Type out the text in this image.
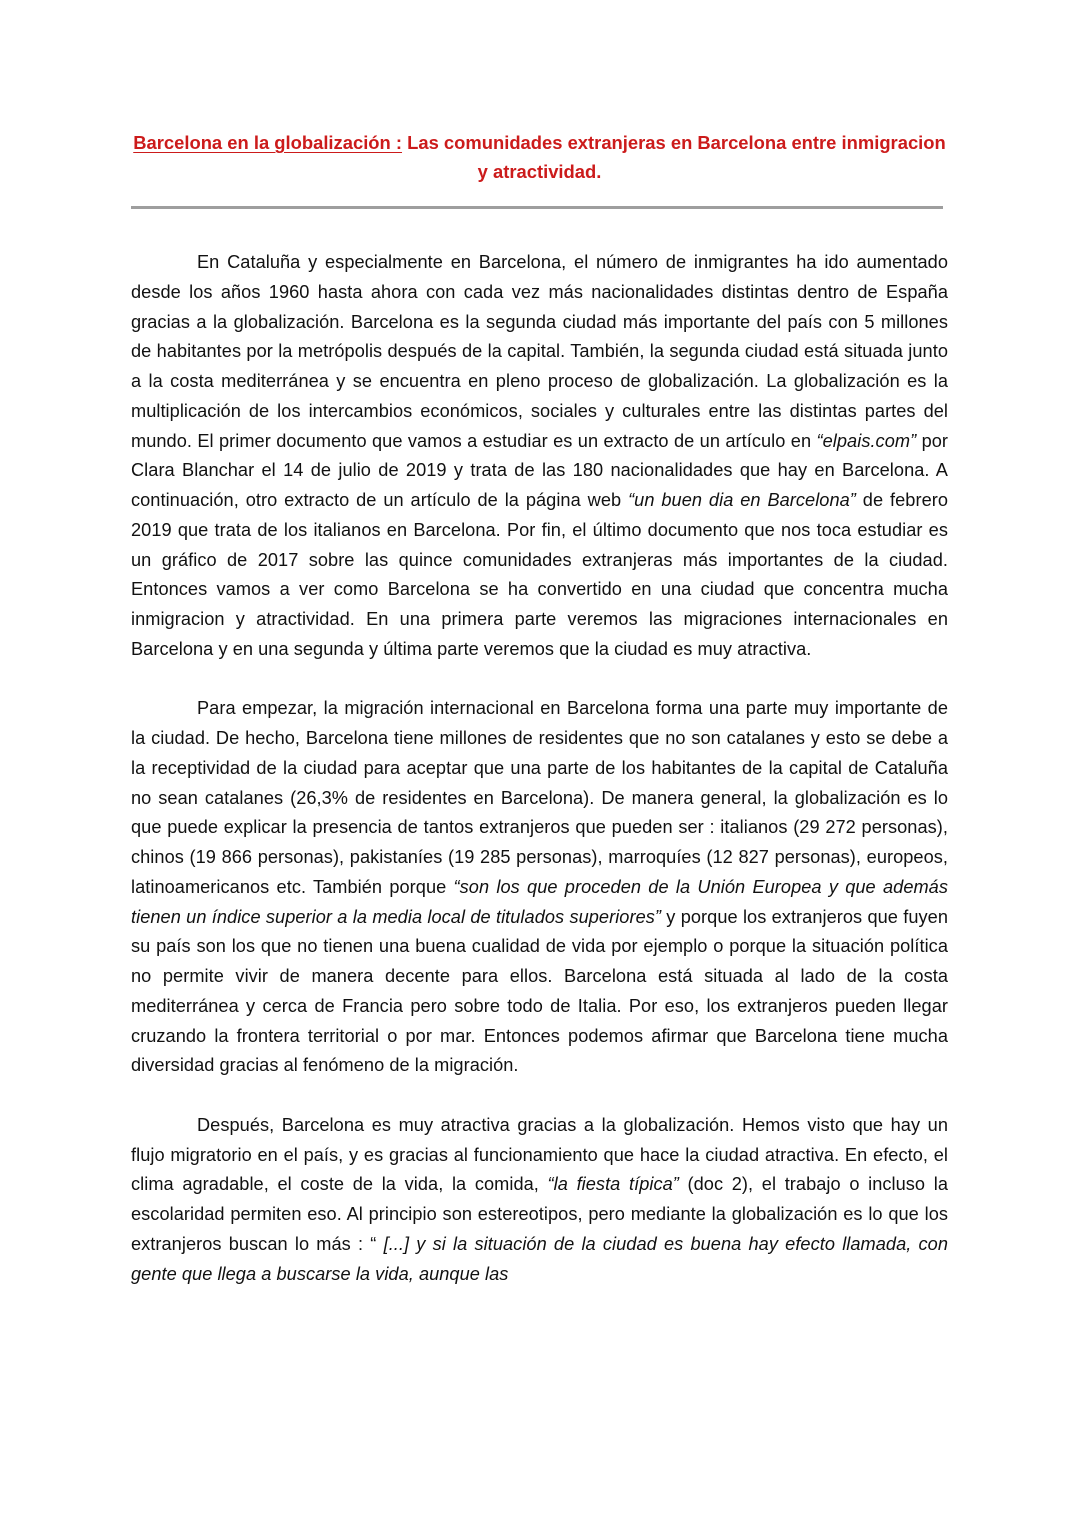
Barcelona en la globalización : Las comunidades extranjeras en Barcelona entre inmigracion y atractividad.

En Cataluña y especialmente en Barcelona, el número de inmigrantes ha ido aumentado desde los años 1960 hasta ahora con cada vez más nacionalidades distintas dentro de España gracias a la globalización. Barcelona es la segunda ciudad más importante del país con 5 millones de habitantes por la metrópolis después de la capital. También, la segunda ciudad está situada junto a la costa mediterránea y se encuentra en pleno proceso de globalización. La globalización es la multiplicación de los intercambios económicos, sociales y culturales entre las distintas partes del mundo. El primer documento que vamos a estudiar es un extracto de un artículo en “elpais.com” por Clara Blanchar el 14 de julio de 2019 y trata de las 180 nacionalidades que hay en Barcelona. A continuación, otro extracto de un artículo de la página web “un buen dia en Barcelona” de febrero 2019 que trata de los italianos en Barcelona. Por fin, el último documento que nos toca estudiar es un gráfico de 2017 sobre las quince comunidades extranjeras más importantes de la ciudad. Entonces vamos a ver como Barcelona se ha convertido en una ciudad que concentra mucha inmigracion y atractividad. En una primera parte veremos las migraciones internacionales en Barcelona y en una segunda y última parte veremos que la ciudad es muy atractiva.

Para empezar, la migración internacional en Barcelona forma una parte muy importante de la ciudad. De hecho, Barcelona tiene millones de residentes que no son catalanes y esto se debe a la receptividad de la ciudad para aceptar que una parte de los habitantes de la capital de Cataluña no sean catalanes (26,3% de residentes en Barcelona). De manera general, la globalización es lo que puede explicar la presencia de tantos extranjeros que pueden ser : italianos (29 272 personas), chinos (19 866 personas), pakistaníes (19 285 personas), marroquíes (12 827 personas), europeos, latinoamericanos etc. También porque “son los que proceden de la Unión Europea y que además tienen un índice superior a la media local de titulados superiores” y porque los extranjeros que fuyen su país son los que no tienen una buena cualidad de vida por ejemplo o porque la situación política no permite vivir de manera decente para ellos. Barcelona está situada al lado de la costa mediterránea y cerca de Francia pero sobre todo de Italia. Por eso, los extranjeros pueden llegar cruzando la frontera territorial o por mar. Entonces podemos afirmar que Barcelona tiene mucha diversidad gracias al fenómeno de la migración.

Después, Barcelona es muy atractiva gracias a la globalización. Hemos visto que hay un flujo migratorio en el país, y es gracias al funcionamiento que hace la ciudad atractiva. En efecto, el clima agradable, el coste de la vida, la comida, “la fiesta típica” (doc 2), el trabajo o incluso la escolaridad permiten eso. Al principio son estereotipos, pero mediante la globalización es lo que los extranjeros buscan lo más : “ [...] y si la situación de la ciudad es buena hay efecto llamada, con gente que llega a buscarse la vida, aunque las
